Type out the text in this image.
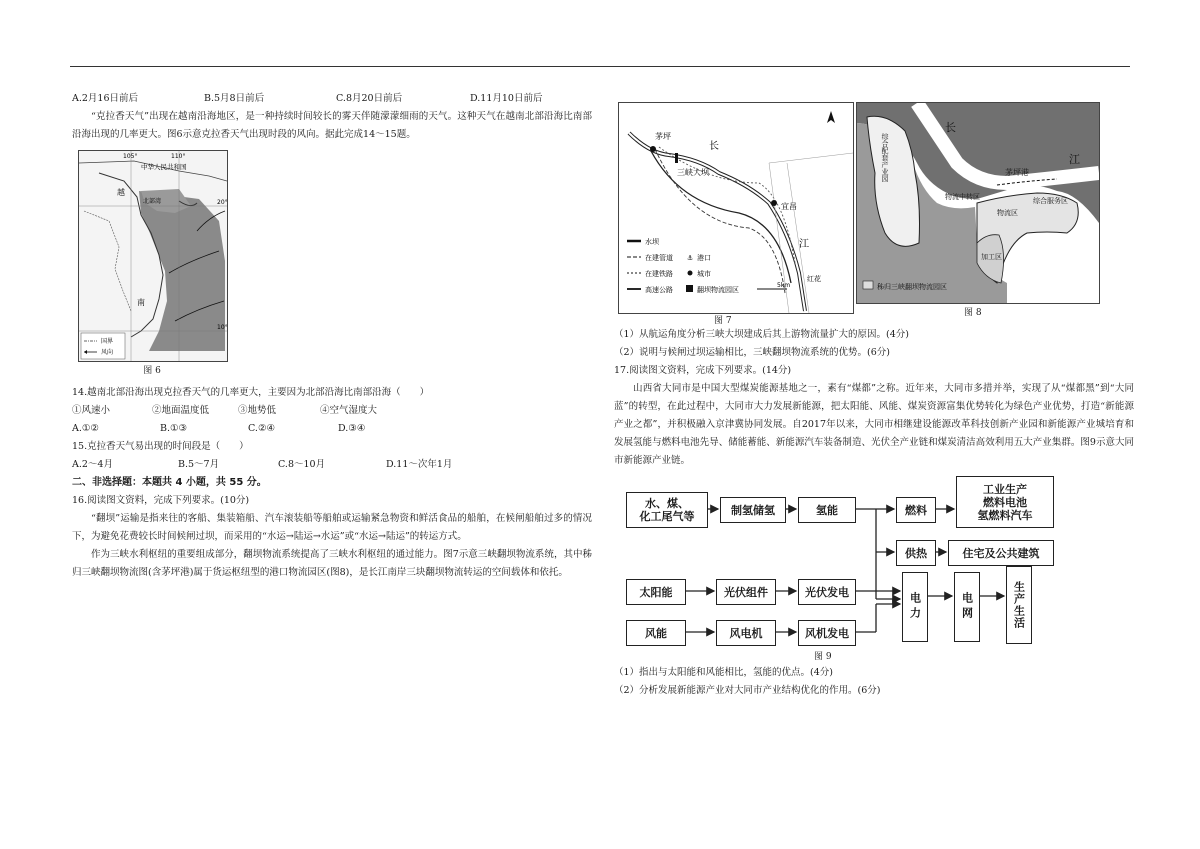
A.2月16日前后	B.5月8日前后	C.8月20日前后	D.11月10日前后
“克拉香天气”出现在越南沿海地区，是一种持续时间较长的雾天伴随濛濛细雨的天气。这种天气在越南北部沿海比南部沿海出现的几率更大。图6示意克拉香天气出现时段的风向。据此完成14～15题。
105°	110°
20°
10°
中华人民共和国
越
南
北部湾
国界
风向
图 6
14.越南北部沿海出现克拉香天气的几率更大，主要因为北部沿海比南部沿海（　　）
①风速小	②地面温度低	③地势低	④空气湿度大
A.①②	B.①③	C.②④	D.③④
15.克拉香天气易出现的时间段是（　　）
A.2～4月	B.5～7月	C.8～10月	D.11～次年1月
二、非选择题：本题共 4 小题，共 55 分。
16.阅读图文资料，完成下列要求。(10分)
“翻坝”运输是指来往的客船、集装箱船、汽车滚装船等船舶或运输紧急物资和鲜活食品的船舶，在候闸船舶过多的情况下，为避免花费较长时间候闸过坝，而采用的“水运→陆运→水运”或“水运→陆运”的转运方式。
作为三峡水利枢纽的重要组成部分，翻坝物流系统提高了三峡水利枢纽的通过能力。图7示意三峡翻坝物流系统，其中秭归三峡翻坝物流图(含茅坪港)属于货运枢纽型的港口物流园区(图8)，是长江南岸三块翻坝物流转运的空间载体和依托。
茅坪
三峡大坝
长
宜昌
江
红花
5km
水坝
在建管道
在建铁路
高速公路
⚓ 港口
城市
翻坝物流园区
长
江
茅坪港
综合配套产业园
物流中转区	综合服务区
物流区
加工区
秭归三峡翻坝物流园区
图 7
图 8
（1）从航运角度分析三峡大坝建成后其上游物流量扩大的原因。(4分)
（2）说明与候闸过坝运输相比，三峡翻坝物流系统的优势。(6分)
17.阅读图文资料，完成下列要求。(14分)
山西省大同市是中国大型煤炭能源基地之一，素有“煤都”之称。近年来，大同市多措并举，实现了从“煤都黑”到“大同蓝”的转型，在此过程中，大同市大力发展新能源，把太阳能、风能、煤炭资源富集优势转化为绿色产业优势，打造“新能源产业之都”，并积极融入京津冀协同发展。自2017年以来，大同市相继建设能源改革科技创新产业园和新能源产业城培育和发展氢能与燃料电池先导、储能蓄能、新能源汽车装备制造、光伏全产业链和煤炭清洁高效利用五大产业集群。图9示意大同市新能源产业链。
水、煤、
化工尾气等	制氢储氢	氢能	燃料
工业生产
燃料电池
氢燃料汽车
供热	住宅及公共建筑
太阳能	光伏组件	光伏发电	电力	电网	生产生活
风能	风电机	风机发电
图 9
（1）指出与太阳能和风能相比，氢能的优点。(4分)
（2）分析发展新能源产业对大同市产业结构优化的作用。(6分)
